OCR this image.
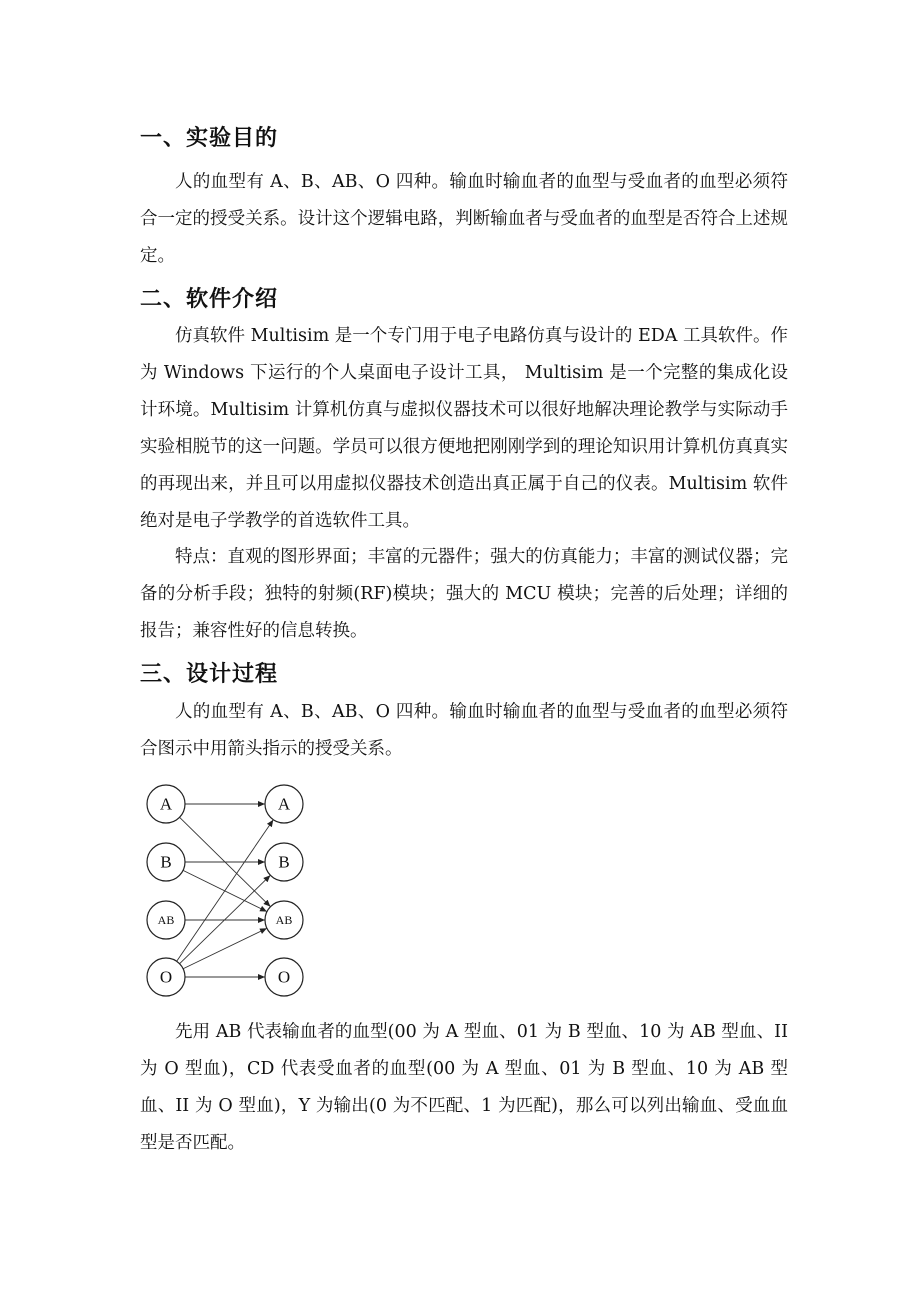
一、实验目的

人的血型有 A、B、AB、O 四种。输血时输血者的血型与受血者的血型必须符合一定的授受关系。设计这个逻辑电路，判断输血者与受血者的血型是否符合上述规定。

二、软件介绍

仿真软件 Multisim 是一个专门用于电子电路仿真与设计的 EDA 工具软件。作为 Windows 下运行的个人桌面电子设计工具， Multisim 是一个完整的集成化设计环境。Multisim 计算机仿真与虚拟仪器技术可以很好地解决理论教学与实际动手实验相脱节的这一问题。学员可以很方便地把刚刚学到的理论知识用计算机仿真真实的再现出来，并且可以用虚拟仪器技术创造出真正属于自己的仪表。Multisim 软件绝对是电子学教学的首选软件工具。

特点：直观的图形界面；丰富的元器件；强大的仿真能力；丰富的测试仪器；完备的分析手段；独特的射频(RF)模块；强大的 MCU 模块；完善的后处理；详细的报告；兼容性好的信息转换。

三、设计过程

人的血型有 A、B、AB、O 四种。输血时输血者的血型与受血者的血型必须符合图示中用箭头指示的授受关系。

A
B
AB
O
A
B
AB
O

先用 AB 代表输血者的血型(00 为 A 型血、01 为 B 型血、10 为 AB 型血、II 为 O 型血)，CD 代表受血者的血型(00 为 A 型血、01 为 B 型血、10 为 AB 型血、II 为 O 型血)，Y 为输出(0 为不匹配、1 为匹配)，那么可以列出输血、受血血型是否匹配。
